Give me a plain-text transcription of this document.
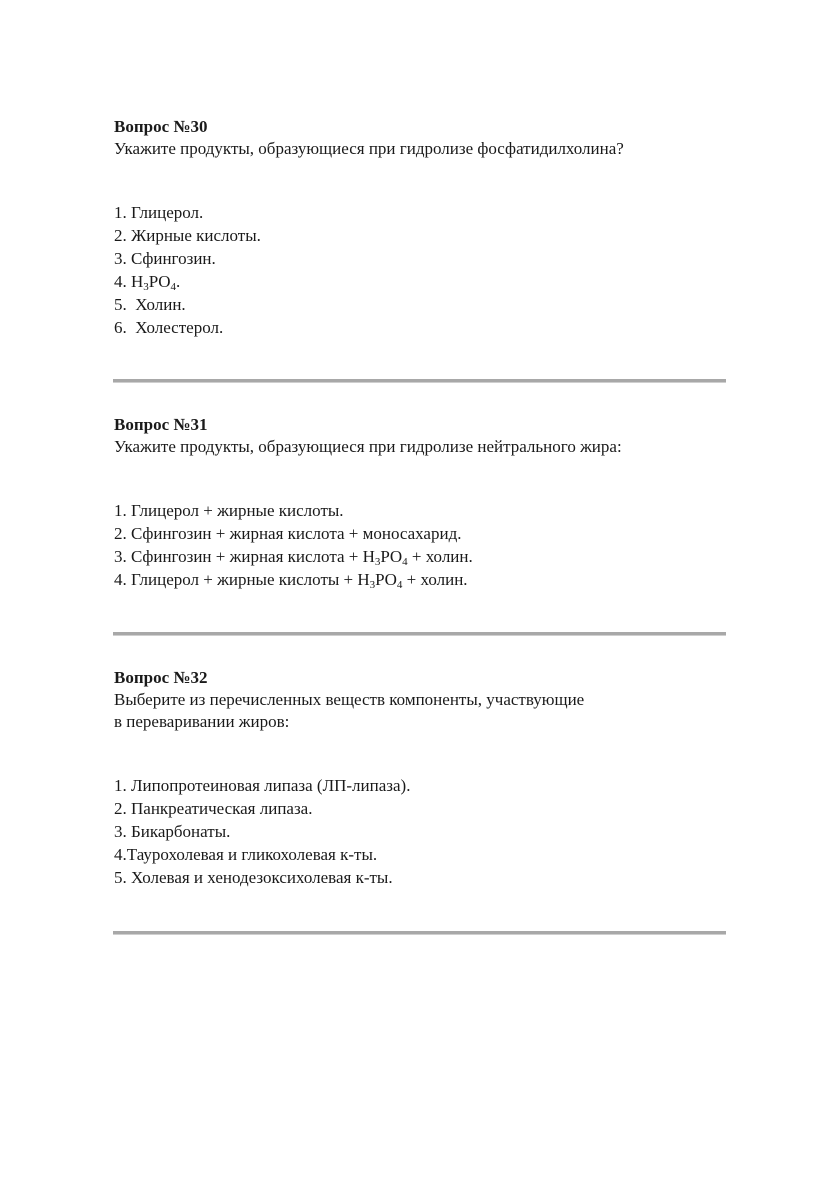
Вопрос №30

Укажите продукты, образующиеся при гидролизе фосфатидилхолина?

1. Глицерол.
2. Жирные кислоты.
3. Сфингозин.
4. $H_3PO_4$.
5.  Холин.
6.  Холестерол.

Вопрос №31

Укажите продукты, образующиеся при гидролизе нейтрального жира:

1. Глицерол + жирные кислоты.
2. Сфингозин + жирная кислота + моносахарид.
3. Сфингозин + жирная кислота + $H_3PO_4$ + холин.
4. Глицерол + жирные кислоты + $H_3PO_4$ + холин.

Вопрос №32

Выберите из перечисленных веществ компоненты, участвующие

в переваривании жиров:

1. Липопротеиновая липаза (ЛП-липаза).
2. Панкреатическая липаза.
3. Бикарбонаты.
4.Таурохолевая и гликохолевая к-ты.
5. Холевая и хенодезоксихолевая к-ты.
